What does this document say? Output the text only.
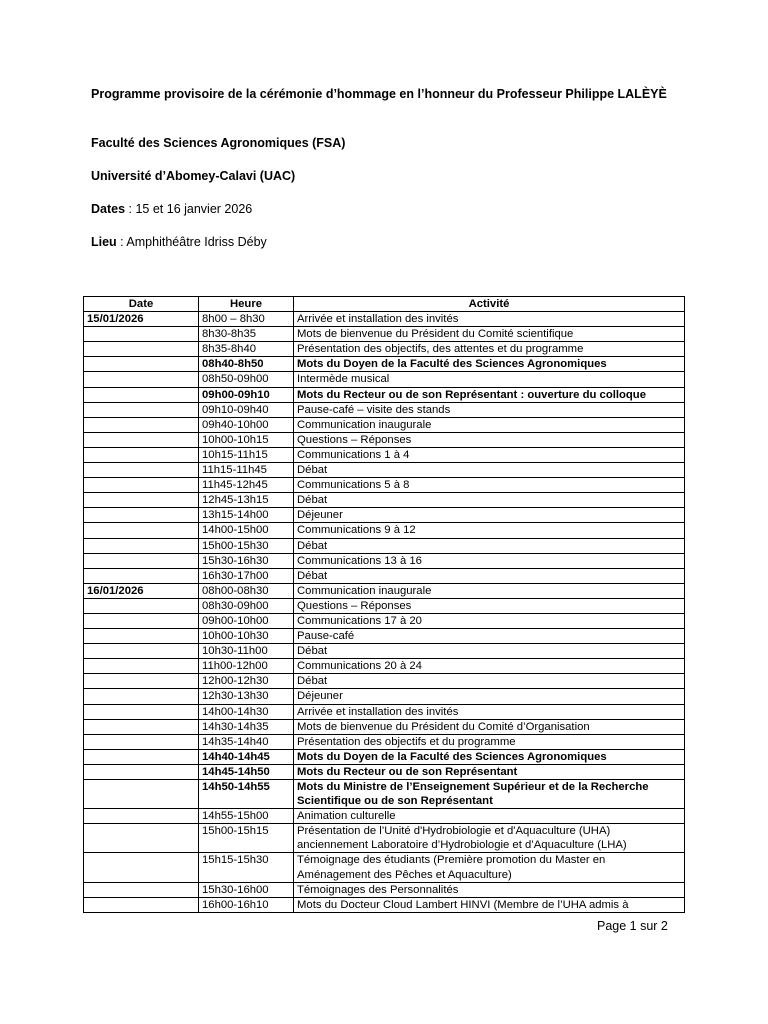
Programme provisoire de la cérémonie d’hommage en l’honneur du Professeur Philippe LALÈYÈ
Faculté des Sciences Agronomiques (FSA)
Université d’Abomey-Calavi (UAC)
Dates : 15 et 16 janvier 2026
Lieu : Amphithéâtre Idriss Déby
Date	Heure	Activité
15/01/2026	8h00 – 8h30	Arrivée et installation des invités
	8h30-8h35	Mots de bienvenue du Président du Comité scientifique
	8h35-8h40	Présentation des objectifs, des attentes et du programme
	08h40-8h50	Mots du Doyen de la Faculté des Sciences Agronomiques
	08h50-09h00	Intermède musical
	09h00-09h10	Mots du Recteur ou de son Représentant : ouverture du colloque
	09h10-09h40	Pause-café – visite des stands
	09h40-10h00	Communication inaugurale
	10h00-10h15	Questions – Réponses
	10h15-11h15	Communications 1 à 4
	11h15-11h45	Débat
	11h45-12h45	Communications 5 à 8
	12h45-13h15	Débat
	13h15-14h00	Déjeuner
	14h00-15h00	Communications 9 à 12
	15h00-15h30	Débat
	15h30-16h30	Communications 13 à 16
	16h30-17h00	Débat
16/01/2026	08h00-08h30	Communication inaugurale
	08h30-09h00	Questions – Réponses
	09h00-10h00	Communications 17 à 20
	10h00-10h30	Pause-café
	10h30-11h00	Débat
	11h00-12h00	Communications 20 à 24
	12h00-12h30	Débat
	12h30-13h30	Déjeuner
	14h00-14h30	Arrivée et installation des invités
	14h30-14h35	Mots de bienvenue du Président du Comité d’Organisation
	14h35-14h40	Présentation des objectifs et du programme
	14h40-14h45	Mots du Doyen de la Faculté des Sciences Agronomiques
	14h45-14h50	Mots du Recteur ou de son Représentant
	14h50-14h55	Mots du Ministre de l’Enseignement Supérieur et de la Recherche Scientifique ou de son Représentant
	14h55-15h00	Animation culturelle
	15h00-15h15	Présentation de l’Unité d'Hydrobiologie et d'Aquaculture (UHA) anciennement Laboratoire d’Hydrobiologie et d’Aquaculture (LHA)
	15h15-15h30	Témoignage des étudiants (Première promotion du Master en Aménagement des Pêches et Aquaculture)
	15h30-16h00	Témoignages des Personnalités
	16h00-16h10	Mots du Docteur Cloud Lambert HINVI (Membre de l’UHA admis à
Page 1 sur 2
